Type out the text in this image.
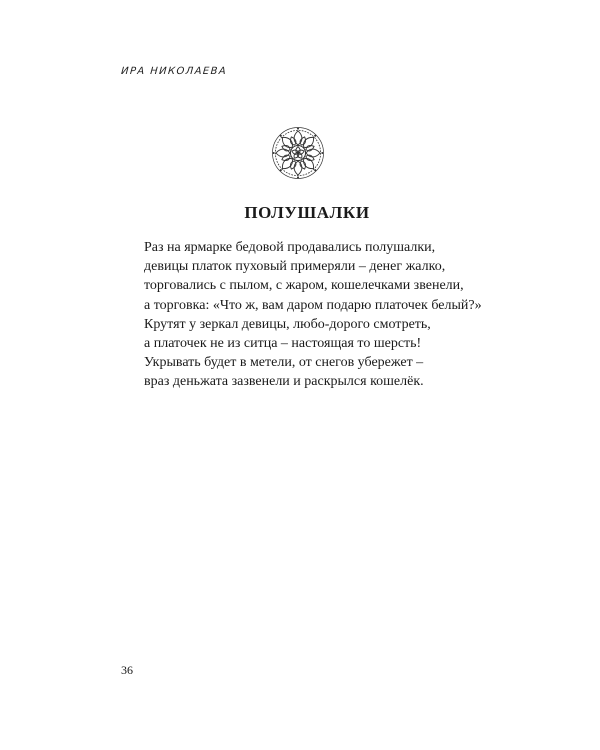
ИРА НИКОЛАЕВА
ПОЛУШАЛКИ
Раз на ярмарке бедовой продавались полушалки,
девицы платок пуховый примеряли – денег жалко,
торговались с пылом, с жаром, кошелечками звенели,
а торговка: «Что ж, вам даром подарю платочек белый?»
Крутят у зеркал девицы, любо-дорого смотреть,
а платочек не из ситца – настоящая то шерсть!
Укрывать будет в метели, от снегов убережет –
враз деньжата зазвенели и раскрылся кошелёк.
36
